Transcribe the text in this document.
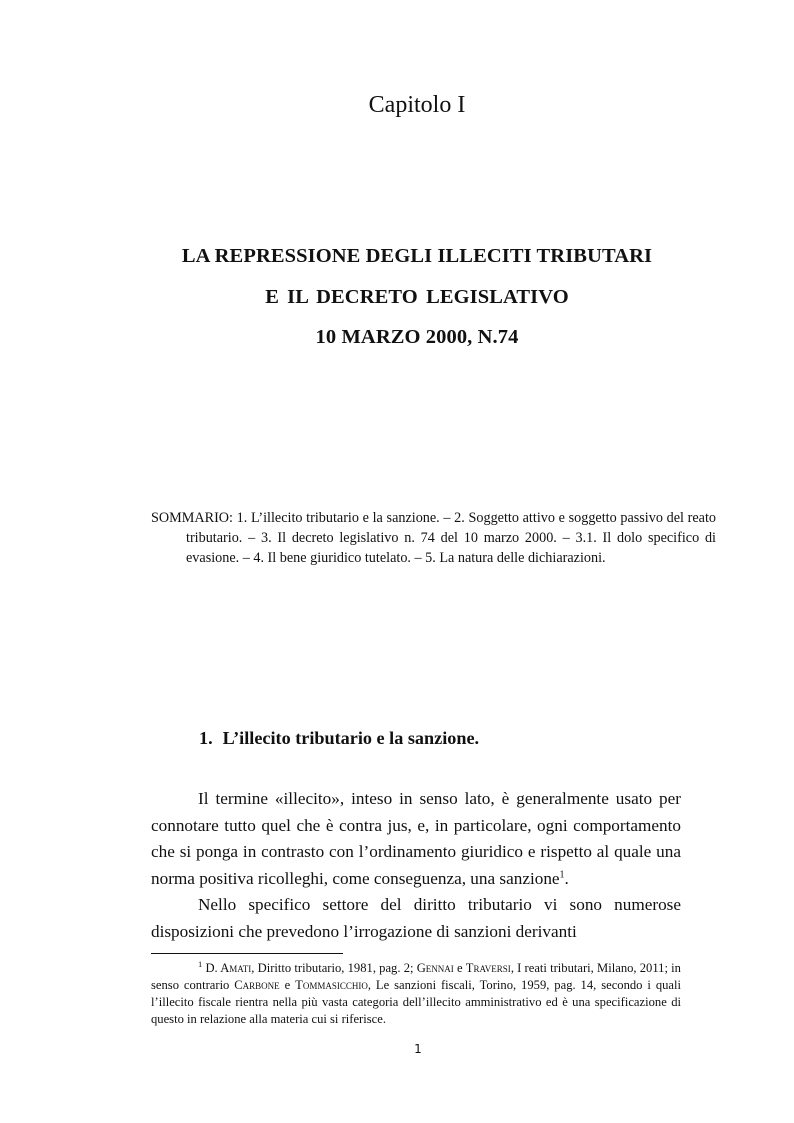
Capitolo I
LA REPRESSIONE DEGLI ILLECITI TRIBUTARI
E IL DECRETO LEGISLATIVO
10 MARZO 2000, N.74
SOMMARIO: 1. L’illecito tributario e la sanzione. – 2. Soggetto attivo e soggetto passivo del reato tributario. – 3. Il decreto legislativo n. 74 del 10 marzo 2000. – 3.1. Il dolo specifico di evasione. – 4. Il bene giuridico tutelato. – 5. La natura delle dichiarazioni.
1. L’illecito tributario e la sanzione.

Il termine «illecito», inteso in senso lato, è generalmente usato per connotare tutto quel che è contra jus, e, in particolare, ogni comportamento che si ponga in contrasto con l’ordinamento giuridico e rispetto al quale una norma positiva ricolleghi, come conseguenza, una sanzione$^1$.

Nello specifico settore del diritto tributario vi sono numerose disposizioni che prevedono l’irrogazione di sanzioni derivanti

$^1$ D. Amati, Diritto tributario, 1981, pag. 2; Gennai e Traversi, I reati tributari, Milano, 2011; in senso contrario Carbone e Tommasicchio, Le sanzioni fiscali, Torino, 1959, pag. 14, secondo i quali l’illecito fiscale rientra nella più vasta categoria dell’illecito amministrativo ed è una specificazione di questo in relazione alla materia cui si riferisce.
1
